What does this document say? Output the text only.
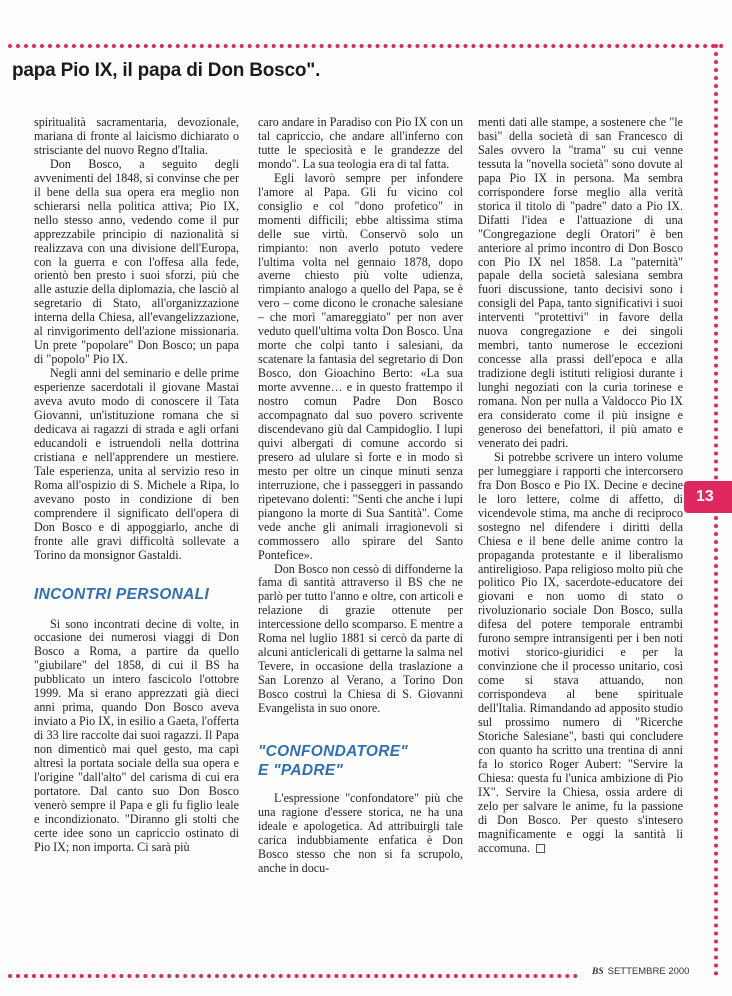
papa Pio IX, il papa di Don Bosco".

spiritualità sacramentaria, devozionale, mariana di fronte al laicismo dichiarato o strisciante del nuovo Regno d'Italia.

Don Bosco, a seguito degli avvenimenti del 1848, si convinse che per il bene della sua opera era meglio non schierarsi nella politica attiva; Pio IX, nello stesso anno, vedendo come il pur apprezzabile principio di nazionalità si realizzava con una divisione dell'Europa, con la guerra e con l'offesa alla fede, orientò ben presto i suoi sforzi, più che alle astuzie della diplomazia, che lasciò al segretario di Stato, all'organizzazione interna della Chiesa, all'evangelizzazione, al rinvigorimento dell'azione missionaria. Un prete "popolare" Don Bosco; un papa di "popolo" Pio IX.

Negli anni del seminario e delle prime esperienze sacerdotali il giovane Mastai aveva avuto modo di conoscere il Tata Giovanni, un'istituzione romana che si dedicava ai ragazzi di strada e agli orfani educandoli e istruendoli nella dottrina cristiana e nell'apprendere un mestiere. Tale esperienza, unita al servizio reso in Roma all'ospizio di S. Michele a Ripa, lo avevano posto in condizione di ben comprendere il significato dell'opera di Don Bosco e di appoggiarlo, anche di fronte alle gravi difficoltà sollevate a Torino da monsignor Gastaldi.

INCONTRI PERSONALI

Si sono incontrati decine di volte, in occasione dei numerosi viaggi di Don Bosco a Roma, a partire da quello "giubilare" del 1858, di cui il BS ha pubblicato un intero fascicolo l'ottobre 1999. Ma si erano apprezzati già dieci anni prima, quando Don Bosco aveva inviato a Pio IX, in esilio a Gaeta, l'offerta di 33 lire raccolte dai suoi ragazzi. Il Papa non dimenticò mai quel gesto, ma capì altresì la portata sociale della sua opera e l'origine "dall'alto" del carisma di cui era portatore. Dal canto suo Don Bosco venerò sempre il Papa e gli fu figlio leale e incondizionato. "Diranno gli stolti che certe idee sono un capriccio ostinato di Pio IX; non importa. Ci sarà più

caro andare in Paradiso con Pio IX con un tal capriccio, che andare all'inferno con tutte le speciosità e le grandezze del mondo". La sua teologia era di tal fatta.

Egli lavorò sempre per infondere l'amore al Papa. Gli fu vicino col consiglio e col "dono profetico" in momenti difficili; ebbe altissima stima delle sue virtù. Conservò solo un rimpianto: non averlo potuto vedere l'ultima volta nel gennaio 1878, dopo averne chiesto più volte udienza, rimpianto analogo a quello del Papa, se è vero – come dicono le cronache salesiane – che morì "amareggiato" per non aver veduto quell'ultima volta Don Bosco. Una morte che colpì tanto i salesiani, da scatenare la fantasia del segretario di Don Bosco, don Gioachino Berto: «La sua morte avvenne… e in questo frattempo il nostro comun Padre Don Bosco accompagnato dal suo povero scrivente discendevano giù dal Campidoglio. I lupi quivi albergati di comune accordo si presero ad ululare sì forte e in modo sì mesto per oltre un cinque minuti senza interruzione, che i passeggeri in passando ripetevano dolenti: "Senti che anche i lupi piangono la morte di Sua Santità". Come vede anche gli animali irragionevoli si commossero allo spirare del Santo Pontefice».

Don Bosco non cessò di diffonderne la fama di santità attraverso il BS che ne parlò per tutto l'anno e oltre, con articoli e relazione di grazie ottenute per intercessione dello scomparso. E mentre a Roma nel luglio 1881 si cercò da parte di alcuni anticlericali di gettarne la salma nel Tevere, in occasione della traslazione a San Lorenzo al Verano, a Torino Don Bosco costruì la Chiesa di S. Giovanni Evangelista in suo onore.

"CONFONDATORE"
E "PADRE"

L'espressione "confondatore" più che una ragione d'essere storica, ne ha una ideale e apologetica. Ad attribuirgli tale carica indubbiamente enfatica è Don Bosco stesso che non si fa scrupolo, anche in docu-

menti dati alle stampe, a sostenere che "le basi" della società di san Francesco di Sales ovvero la "trama" su cui venne tessuta la "novella società" sono dovute al papa Pio IX in persona. Ma sembra corrispondere forse meglio alla verità storica il titolo di "padre" dato a Pio IX. Difatti l'idea e l'attuazione di una "Congregazione degli Oratori" è ben anteriore al primo incontro di Don Bosco con Pio IX nel 1858. La "paternità" papale della società salesiana sembra fuori discussione, tanto decisivi sono i consigli del Papa, tanto significativi i suoi interventi "protettivi" in favore della nuova congregazione e dei singoli membri, tanto numerose le eccezioni concesse alla prassi dell'epoca e alla tradizione degli istituti religiosi durante i lunghi negoziati con la curia torinese e romana. Non per nulla a Valdocco Pio IX era considerato come il più insigne e generoso dei benefattori, il più amato e venerato dei padri.

Si potrebbe scrivere un intero volume per lumeggiare i rapporti che intercorsero fra Don Bosco e Pio IX. Decine e decine le loro lettere, colme di affetto, di vicendevole stima, ma anche di reciproco sostegno nel difendere i diritti della Chiesa e il bene delle anime contro la propaganda protestante e il liberalismo antireligioso. Papa religioso molto più che politico Pio IX, sacerdote-educatore dei giovani e non uomo di stato o rivoluzionario sociale Don Bosco, sulla difesa del potere temporale entrambi furono sempre intransigenti per i ben noti motivi storico-giuridici e per la convinzione che il processo unitario, così come si stava attuando, non corrispondeva al bene spirituale dell'Italia. Rimandando ad apposito studio sul prossimo numero di "Ricerche Storiche Salesiane", basti qui concludere con quanto ha scritto una trentina di anni fa lo storico Roger Aubert: "Servire la Chiesa: questa fu l'unica ambizione di Pio IX". Servire la Chiesa, ossia ardere di zelo per salvare le anime, fu la passione di Don Bosco. Per questo s'intesero magnificamente e oggi la santità li accomuna.

13
BS SETTEMBRE 2000
